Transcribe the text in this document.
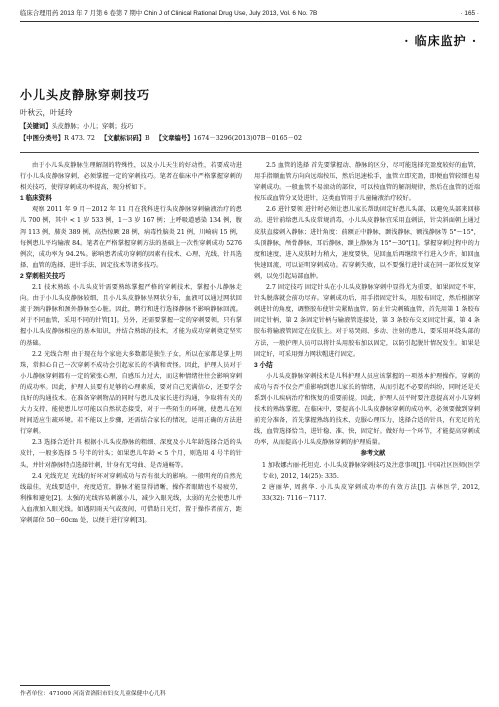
临床合理用药 2013 年 7 月第 6 卷第 7 期中 Chin J of Clinical Rational Drug Use, July 2013, Vol. 6 No. 7B	· 165 ·
· 临床监护 ·
小儿头皮静脉穿刺技巧
叶秋云，叶延玲
【关键词】头皮静脉；小儿；穿刺；技巧
【中图分类号】R 473. 72 【文献标识码】B 【文章编号】1674－3296(2013)07B－0165－02

由于小儿头皮静脉生理解剖的特殊性，以及小儿天生的好动性，若要成功进行小儿头皮静脉穿刺，必须掌握一定的穿刺技巧。笔者在临床中严格掌握穿刺的相关技巧，使得穿刺成功率提高，现分析如下。

1 临床资料

观察 2011 年 9 月－2012 年 11 月在我科进行头皮静脉穿刺输液治疗的患儿 700 例，其中 < 1 岁 533 例，1－3 岁 167 例；上呼吸道感染 134 例，腹泻 113 例，肺炎 389 例，高热惊厥 28 例，病毒性脑炎 21 例，川崎病 15 例，每例患儿平均输液 84。笔者在严格掌握穿刺方法的基础上一次性穿刺成功 5276 例次，成功率为 94.2%。影响患者成功穿刺的因素有技术、心理、光线、针具选择、血管的选择、进针手法、固定技术等诸多技巧。

2 穿刺相关技巧

2.1 技术熟练 小儿头皮针需要熟练掌握严格的穿刺技术，掌握小儿静脉走向。由于小儿头皮静脉较细，且小儿头皮静脉呈网状分布，血液可以通过网状回流于颈内静脉和颈外静脉至心脏。因此，聘行和进行选择静脉不影响静脉回流。对于不同血管，采用不同的针管[1]。另外，还需要掌握一定的穿刺要领，只有掌握小儿头皮静脉相应的基本知识，并结合熟练的技术，才能为成功穿刺奠定坚实的基础。

2.2 光线合理 由于现在每个家庭大多数都是独生子女，所以在家都是掌上明珠，常担心自己一次穿刺不成功会引起家长的不满和责怪。因此，护理人员对于小儿静脉穿刺都有一定的紧张心理，自感压力过大，而这种情绪往往会影响穿刺的成功率。因此，护理人员要有足够的心理素质，要对自己充满信心，还要学会良好的沟通技术。在准备穿刺物品的同时与患儿及家长进行沟通，争取将有关的大力支持、能使患儿尽可能以自然状态接受，对于一些陌生的环境，使患儿在短时间适应生疏环境。若不能以上步骤，还需结合家长的情况，运用正确的方法进行穿刺。

2.3 选择合适针具 根据小儿头皮静脉的粗细、深度及小儿年龄选择合适的头皮针，一般多选择 5 号半的针头；如果患儿年龄 < 5 个月，则选用 4 号半的针头，并针对静脉特点选择针刺，针身有无弯曲、是否通畅等。

2.4 光线充足 光线的好坏对穿刺成功与否有很大的影响。一般明亮的自然光线最佳，光线要适中，亮度适宜，静脉才能显得清晰，操作者眼睛也不易疲劳，利推和避免[2]。太强的光线容易刺激小儿，减少入眼光线，太弱的光会使患儿并入血液加入眼光线。如遇阴雨天气或夜间，可借助日光灯，置于操作者前方，距穿刺部位 50－60cm 处，以便于进行穿刺[3]。

2.5 血管的选择 首先要掌握动、静脉的区分，尽可能选择充盈度较好的血管，用手指顺血管方向向远端按压，然后迅速松手，血管立即充盈，即便血管较细也易穿刺成功。一般血管不易滚动的部位，可以按血管的解剖规律，然后在血管的近端按压或血管分叉处进针，这类血管用于儿童输液治疗较好。

2.6 进针要领 进针时必须让患儿家长帮助固定好患儿头部，以避免头部来回移动。进针前给患儿头皮常规消毒，小儿头皮静脉宜采用直刺法，针尖斜面朝上通过皮肤直接刺入静脉；进针角度：前额正中静脉，颞浅静脉，额浅静脉等 5°～15°，头顶静脉，颅骨静脉，耳后静脉，颞上静脉为 15°～30°[1]。掌握穿刺过程中的力度和速度，进入皮肤时力稍大，速度要快，见回血后再继续平行进入少许，如回血快速回流，可以证明穿刺成功。若穿刺失败，以不要强行进针或在同一部位反复穿刺，以免引起局部血肿。

2.7 固定技巧 固定针头在小儿头皮静脉穿刺中显得尤为重要，如果固定不牢，针头脱落就会前功尽弃。穿刺成功后，用手指固定针头，用胶布固定，然后根据穿刺进针的角度，调整胶布使针尖紧贴血管，防止针尖刺破血管，首先用第 1 条胶布固定针柄，第 2 条固定针柄与输液管连接处，第 3 条胶布交叉固定针翼，第 4 条胶布将输液管固定在皮肤上。对于易哭闹、多动、注射的患儿，要采用环绕头部的方法，一般护理人员可以将针头用胶布加以固定，以防引起脱针情况发生。如果是固定好，可采用弹力网状帽进行固定。

3 小结

小儿头皮静脉穿刺技术是儿科护理人员应该掌握的一项基本护理操作。穿刺的成功与否不仅会严重影响到患儿家长的情绪，从而引起不必要的纠纷，同时还是关系到小儿疾病治疗和恢复的重要前提。因此，护理人员平时要注意提高对小儿穿刺技术的熟练掌握，在临床中，要提高小儿头皮静脉穿刺的成功率，必须要做到穿刺前充分准备，首先掌握熟练的技术，克服心理压力，选择合适的针具，有充足的光线，血管选择恰当，进针稳、准、快，固定好。做好每一个环节，才能提高穿刺成功率，从而提高小儿头皮静脉穿刺的护理质量。

参考文献

1 加收娜古丽·托坦克. 小儿头皮静脉穿刺技巧及注意事项[J]. 中国社区医师(医学专业), 2012, 14(25): 335.

2 唐丽华, 周燕华. 小儿头皮穿刺成功率的有效方法[J]. 吉林医学, 2012, 33(32): 7116－7117.

作者单位：471000 河南省洛阳市妇女儿童保健中心儿科
